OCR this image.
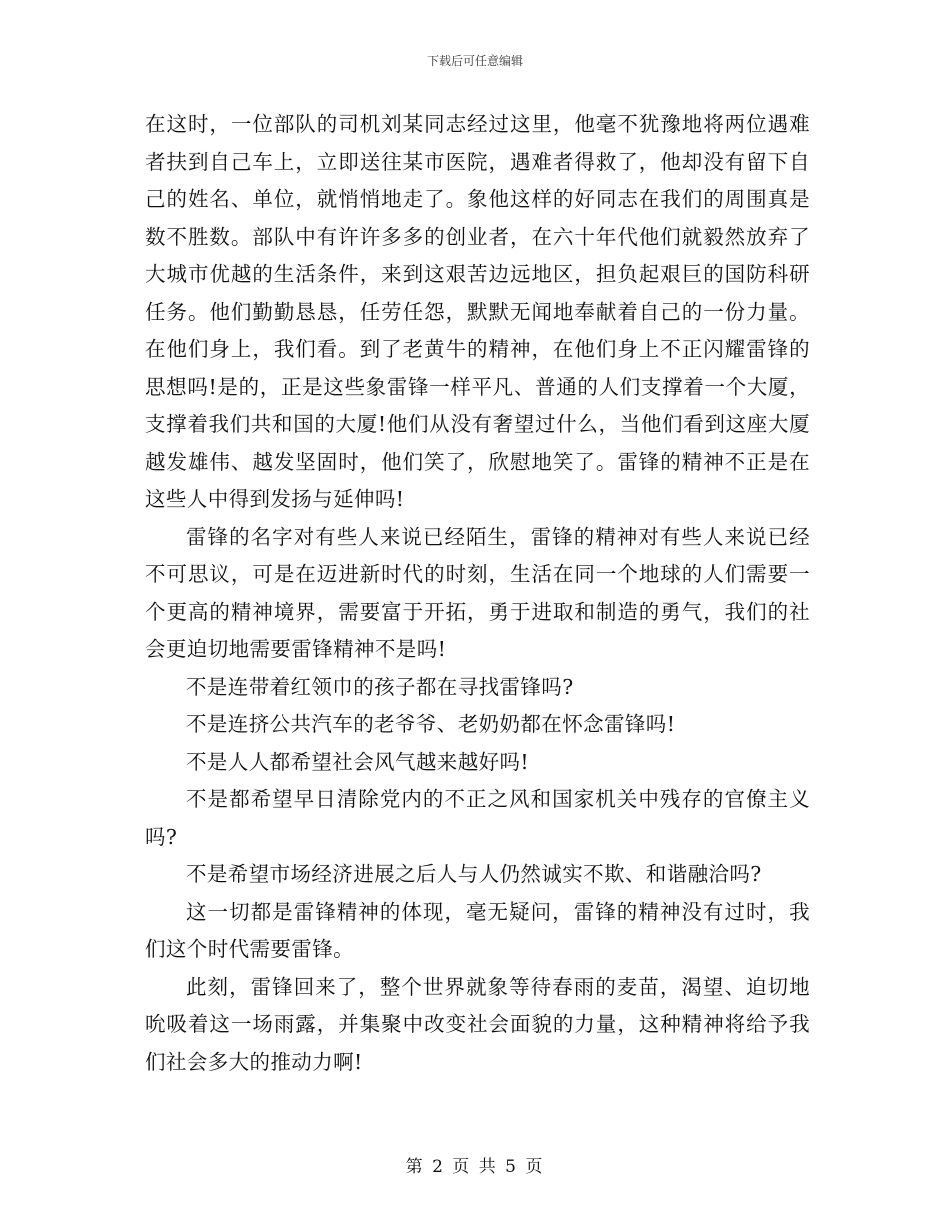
下载后可任意编辑

在这时，一位部队的司机刘某同志经过这里，他毫不犹豫地将两位遇难者扶到自己车上，立即送往某市医院，遇难者得救了，他却没有留下自己的姓名、单位，就悄悄地走了。象他这样的好同志在我们的周围真是数不胜数。部队中有许许多多的创业者，在六十年代他们就毅然放弃了大城市优越的生活条件，来到这艰苦边远地区，担负起艰巨的国防科研任务。他们勤勤恳恳，任劳任怨，默默无闻地奉献着自己的一份力量。在他们身上，我们看。到了老黄牛的精神，在他们身上不正闪耀雷锋的思想吗!是的，正是这些象雷锋一样平凡、普通的人们支撑着一个大厦，支撑着我们共和国的大厦!他们从没有奢望过什么，当他们看到这座大厦越发雄伟、越发坚固时，他们笑了，欣慰地笑了。雷锋的精神不正是在这些人中得到发扬与延伸吗!

雷锋的名字对有些人来说已经陌生，雷锋的精神对有些人来说已经不可思议，可是在迈进新时代的时刻，生活在同一个地球的人们需要一个更高的精神境界，需要富于开拓，勇于进取和制造的勇气，我们的社会更迫切地需要雷锋精神不是吗!

不是连带着红领巾的孩子都在寻找雷锋吗?

不是连挤公共汽车的老爷爷、老奶奶都在怀念雷锋吗!

不是人人都希望社会风气越来越好吗!

不是都希望早日清除党内的不正之风和国家机关中残存的官僚主义吗?

不是希望市场经济进展之后人与人仍然诚实不欺、和谐融洽吗?

这一切都是雷锋精神的体现，毫无疑问，雷锋的精神没有过时，我们这个时代需要雷锋。

此刻，雷锋回来了，整个世界就象等待春雨的麦苗，渴望、迫切地吮吸着这一场雨露，并集聚中改变社会面貌的力量，这种精神将给予我们社会多大的推动力啊!

第 2 页 共 5 页
